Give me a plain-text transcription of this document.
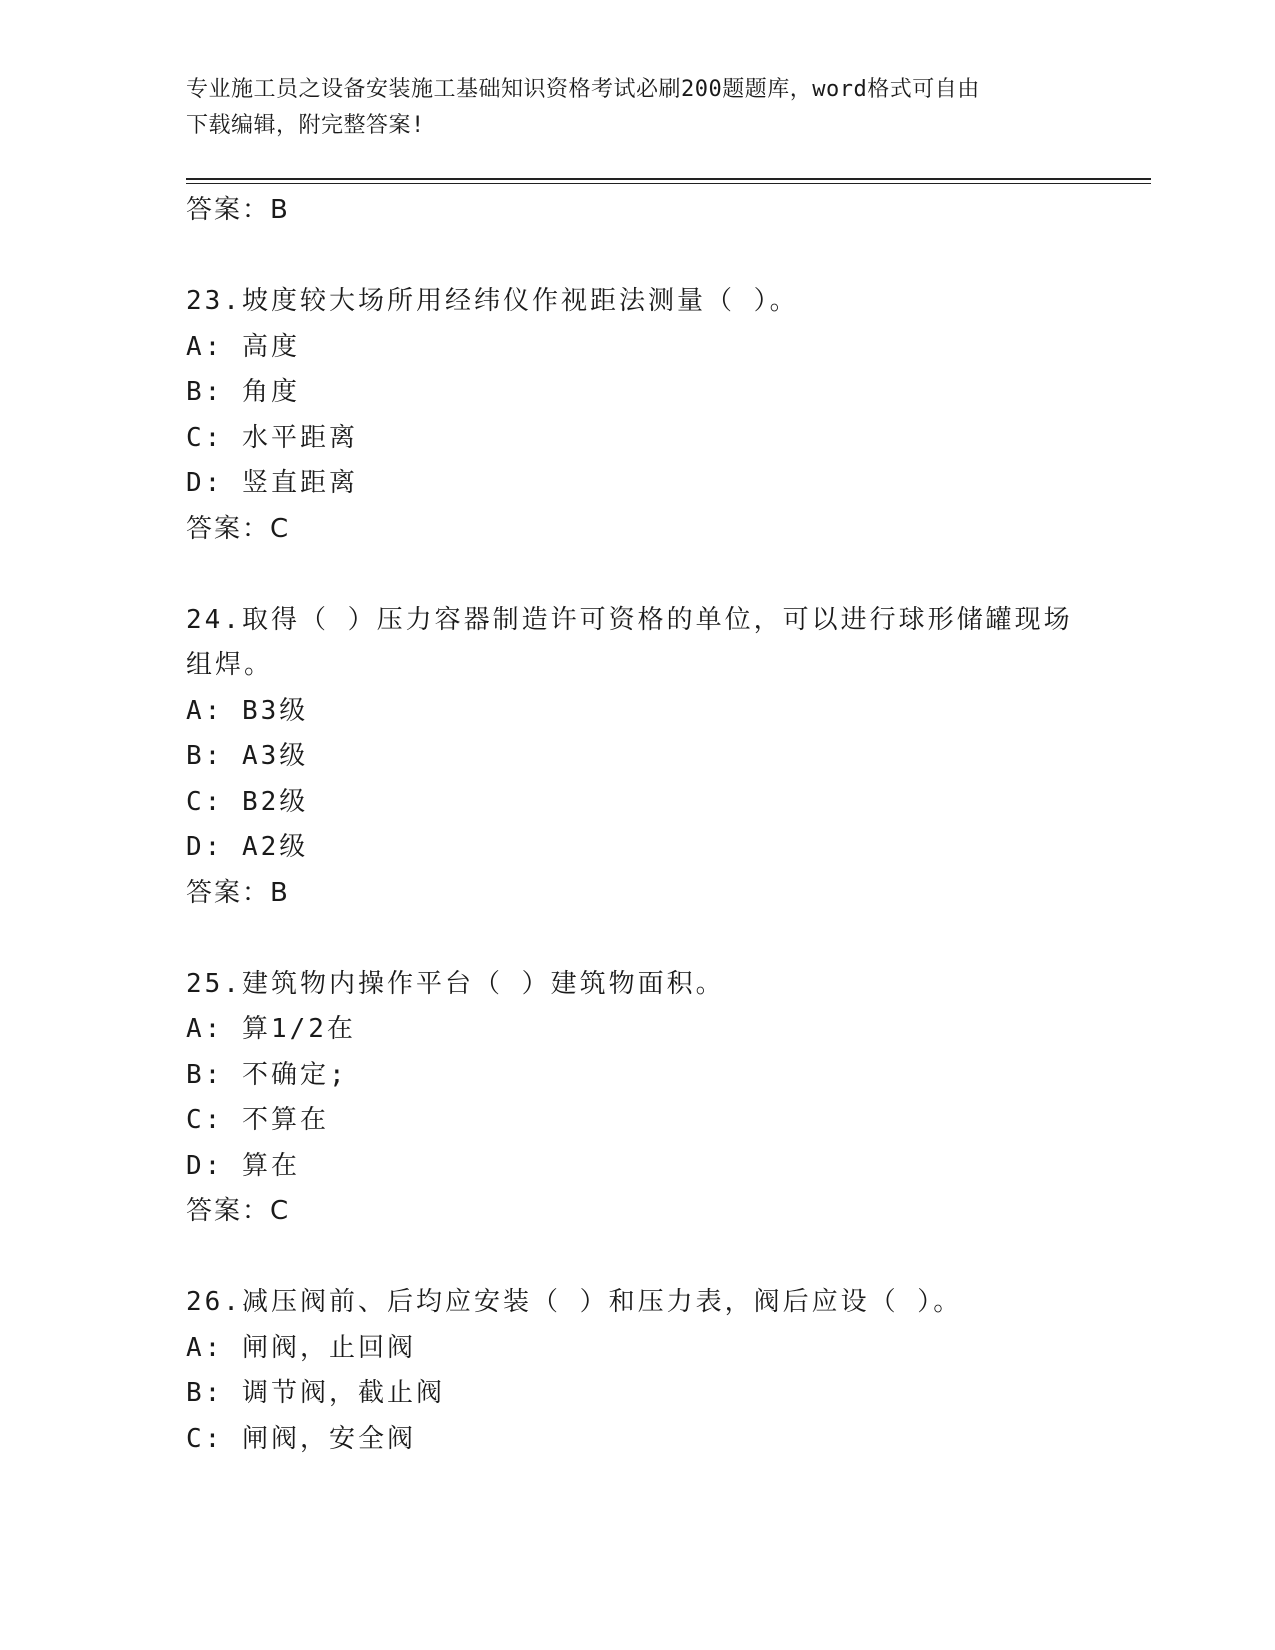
专业施工员之设备安装施工基础知识资格考试必刷200题题库，word格式可自由
下载编辑，附完整答案!
答案：B
23.坡度较大场所用经纬仪作视距法测量（ ）。
A: 高度
B: 角度
C: 水平距离
D: 竖直距离
答案：C
24.取得（ ）压力容器制造许可资格的单位，可以进行球形储罐现场
组焊。
A: B3级
B: A3级
C: B2级
D: A2级
答案：B
25.建筑物内操作平台（ ）建筑物面积。
A: 算1/2在
B: 不确定;
C: 不算在
D: 算在
答案：C
26.减压阀前、后均应安装（ ）和压力表，阀后应设（ ）。
A: 闸阀，止回阀
B: 调节阀，截止阀
C: 闸阀，安全阀
